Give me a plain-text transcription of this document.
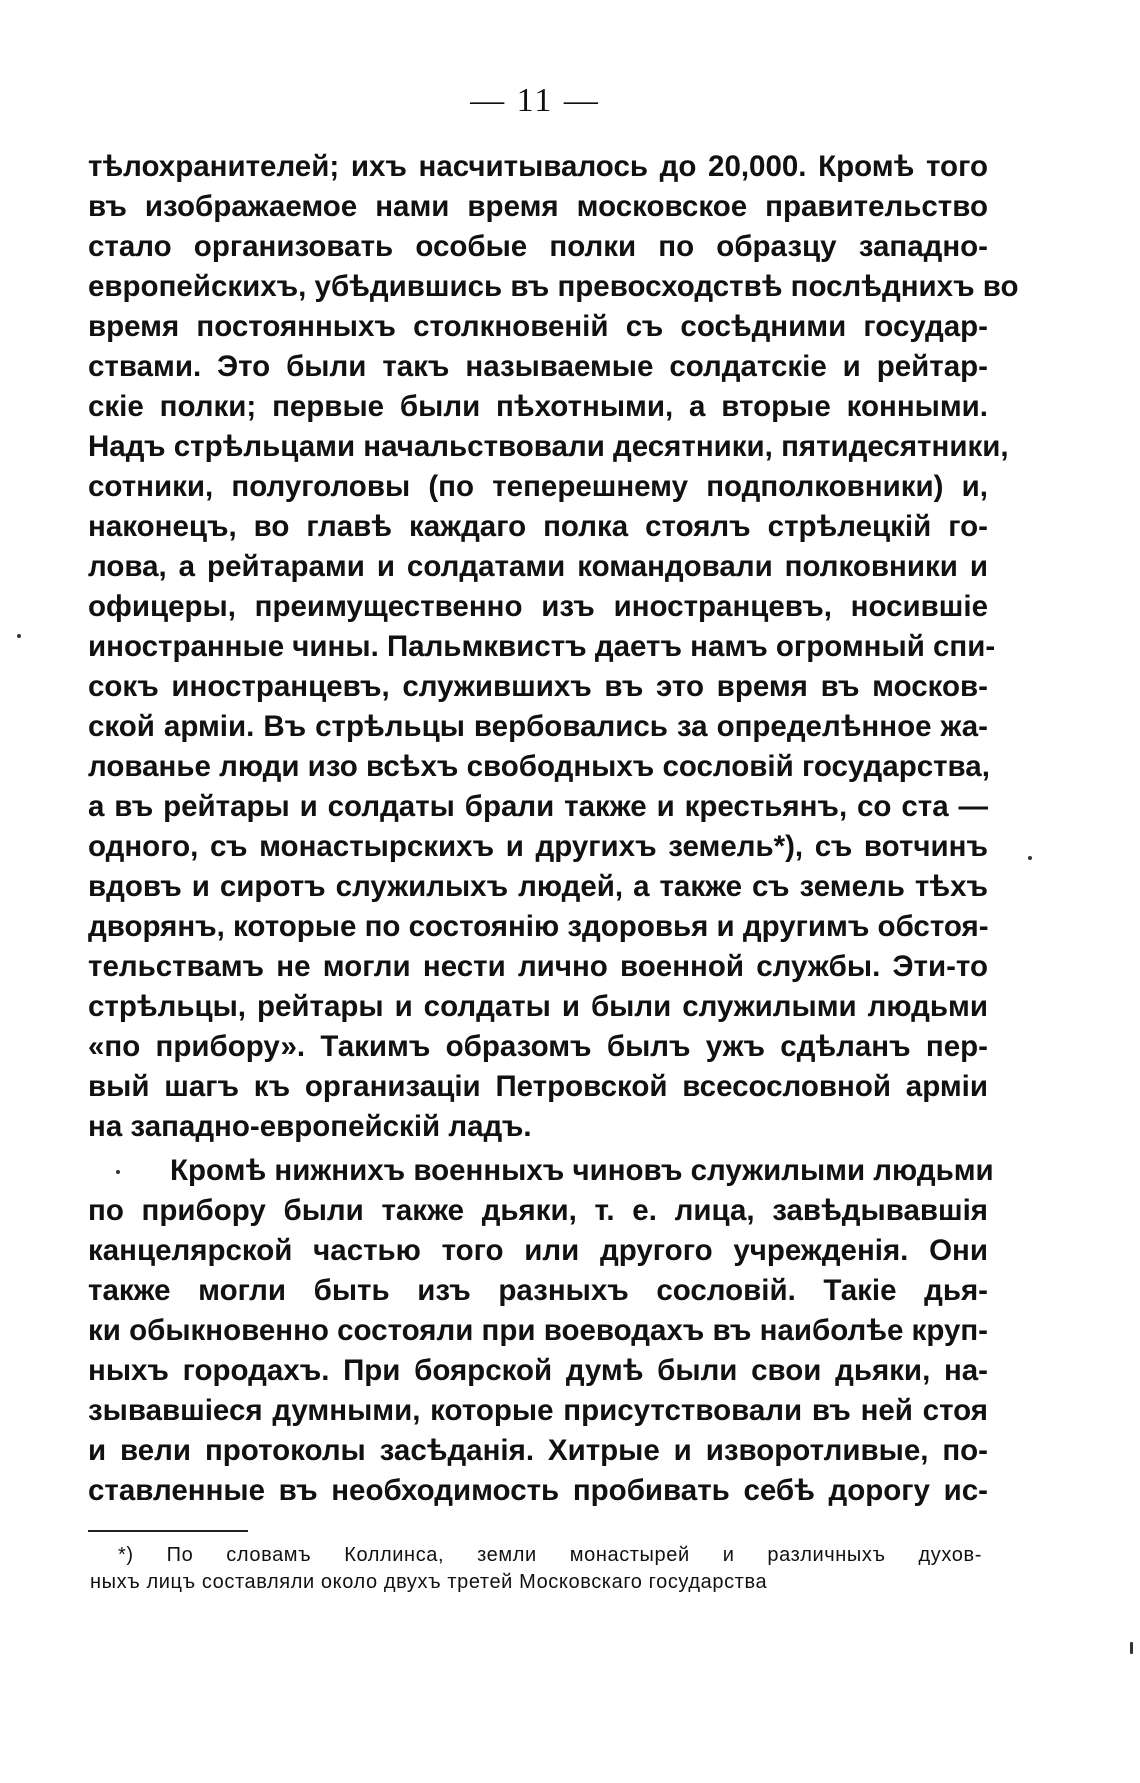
— 11 —
тѣлохранителей; ихъ насчитывалось до 20,000. Кромѣ того
въ изображаемое нами время московское правительство
стало организовать особые полки по образцу западно-
европейскихъ, убѣдившись въ превосходствѣ послѣднихъ во
время постоянныхъ столкновенiй съ сосѣдними государ-
ствами. Это были такъ называемые солдатскiе и рейтар-
скiе полки; первые были пѣхотными, а вторые конными.
Надъ стрѣльцами начальствовали десятники, пятидесятники,
сотники, полуголовы (по теперешнему подполковники) и,
наконецъ, во главѣ каждаго полка стоялъ стрѣлецкiй го-
лова, а рейтарами и солдатами командовали полковники и
офицеры, преимущественно изъ иностранцевъ, носившiе
иностранные чины. Пальмквистъ даетъ намъ огромный спи-
сокъ иностранцевъ, служившихъ въ это время въ москов-
ской армiи. Въ стрѣльцы вербовались за определѣнное жа-
лованье люди изо всѣхъ свободныхъ сословiй государства,
а въ рейтары и солдаты брали также и крестьянъ, со ста —
одного, съ монастырскихъ и другихъ земель*), съ вотчинъ
вдовъ и сиротъ служилыхъ людей, а также съ земель тѣхъ
дворянъ, которые по состоянiю здоровья и другимъ обстоя-
тельствамъ не могли нести лично военной службы. Эти-то
стрѣльцы, рейтары и солдаты и были служилыми людьми
«по прибору». Такимъ образомъ былъ ужъ сдѣланъ пер-
вый шагъ къ организацiи Петровской всесословной армiи
на западно-европейскiй ладъ.
Кромѣ нижнихъ военныхъ чиновъ служилыми людьми
по прибору были также дьяки, т. е. лица, завѣдывавшiя
канцелярской частью того или другого учрежденiя. Они
также могли быть изъ разныхъ сословiй. Такiе дья-
ки обыкновенно состояли при воеводахъ въ наиболѣе круп-
ныхъ городахъ. При боярской думѣ были свои дьяки, на-
зывавшiеся думными, которые присутствовали въ ней стоя
и вели протоколы засѣданiя. Хитрые и изворотливые, по-
ставленные въ необходимость пробивать себѣ дорогу ис-
*) По словамъ Коллинса, земли монастырей и различныхъ духов-
ныхъ лицъ составляли около двухъ третей Московскаго государства
